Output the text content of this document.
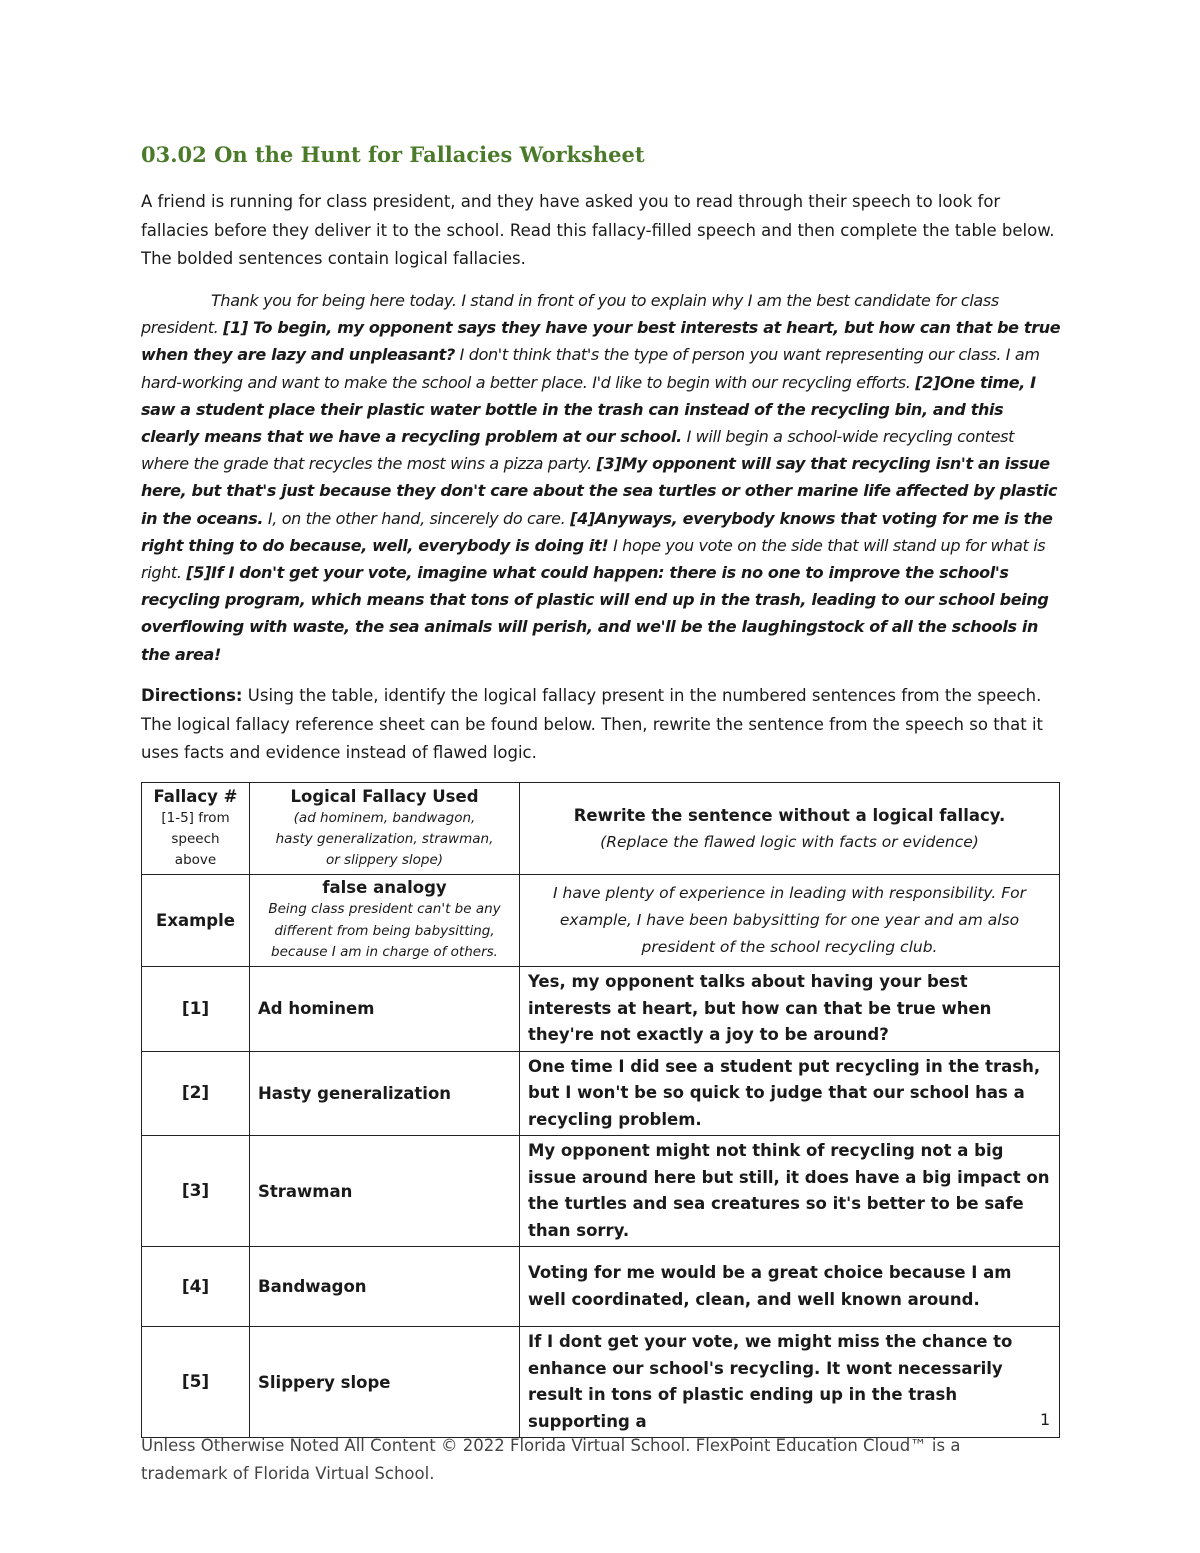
03.02 On the Hunt for Fallacies Worksheet

A friend is running for class president, and they have asked you to read through their speech to look for fallacies before they deliver it to the school. Read this fallacy-filled speech and then complete the table below. The bolded sentences contain logical fallacies.

Thank you for being here today. I stand in front of you to explain why I am the best candidate for class president. [1] To begin, my opponent says they have your best interests at heart, but how can that be true when they are lazy and unpleasant? I don't think that's the type of person you want representing our class. I am hard-working and want to make the school a better place. I'd like to begin with our recycling efforts. [2]One time, I saw a student place their plastic water bottle in the trash can instead of the recycling bin, and this clearly means that we have a recycling problem at our school. I will begin a school-wide recycling contest where the grade that recycles the most wins a pizza party. [3]My opponent will say that recycling isn't an issue here, but that's just because they don't care about the sea turtles or other marine life affected by plastic in the oceans. I, on the other hand, sincerely do care. [4]Anyways, everybody knows that voting for me is the right thing to do because, well, everybody is doing it! I hope you vote on the side that will stand up for what is right. [5]If I don't get your vote, imagine what could happen: there is no one to improve the school's recycling program, which means that tons of plastic will end up in the trash, leading to our school being overflowing with waste, the sea animals will perish, and we'll be the laughingstock of all the schools in the area!

Directions: Using the table, identify the logical fallacy present in the numbered sentences from the speech. The logical fallacy reference sheet can be found below. Then, rewrite the sentence from the speech so that it uses facts and evidence instead of flawed logic.

Fallacy #
[1-5] from
speech
above	Logical Fallacy Used
(ad hominem, bandwagon,
hasty generalization, strawman,
or slippery slope)	Rewrite the sentence without a logical fallacy.
(Replace the flawed logic with facts or evidence)

Example	false analogy
Being class president can't be any different from being babysitting, because I am in charge of others.	I have plenty of experience in leading with responsibility. For example, I have been babysitting for one year and am also president of the school recycling club.
[1]	Ad hominem	Yes, my opponent talks about having your best interests at heart, but how can that be true when they're not exactly a joy to be around?
[2]	Hasty generalization	One time I did see a student put recycling in the trash, but I won't be so quick to judge that our school has a recycling problem.
[3]	Strawman	My opponent might not think of recycling not a big issue around here but still, it does have a big impact on the turtles and sea creatures so it's better to be safe than sorry.
[4]	Bandwagon	Voting for me would be a great choice because I am well coordinated, clean, and well known around.
[5]	Slippery slope	If I dont get your vote, we might miss the chance to enhance our school's recycling. It wont necessarily result in tons of plastic ending up in the trash supporting a	1

Unless Otherwise Noted All Content © 2022 Florida Virtual School. FlexPoint Education Cloud™ is a trademark of Florida Virtual School.
